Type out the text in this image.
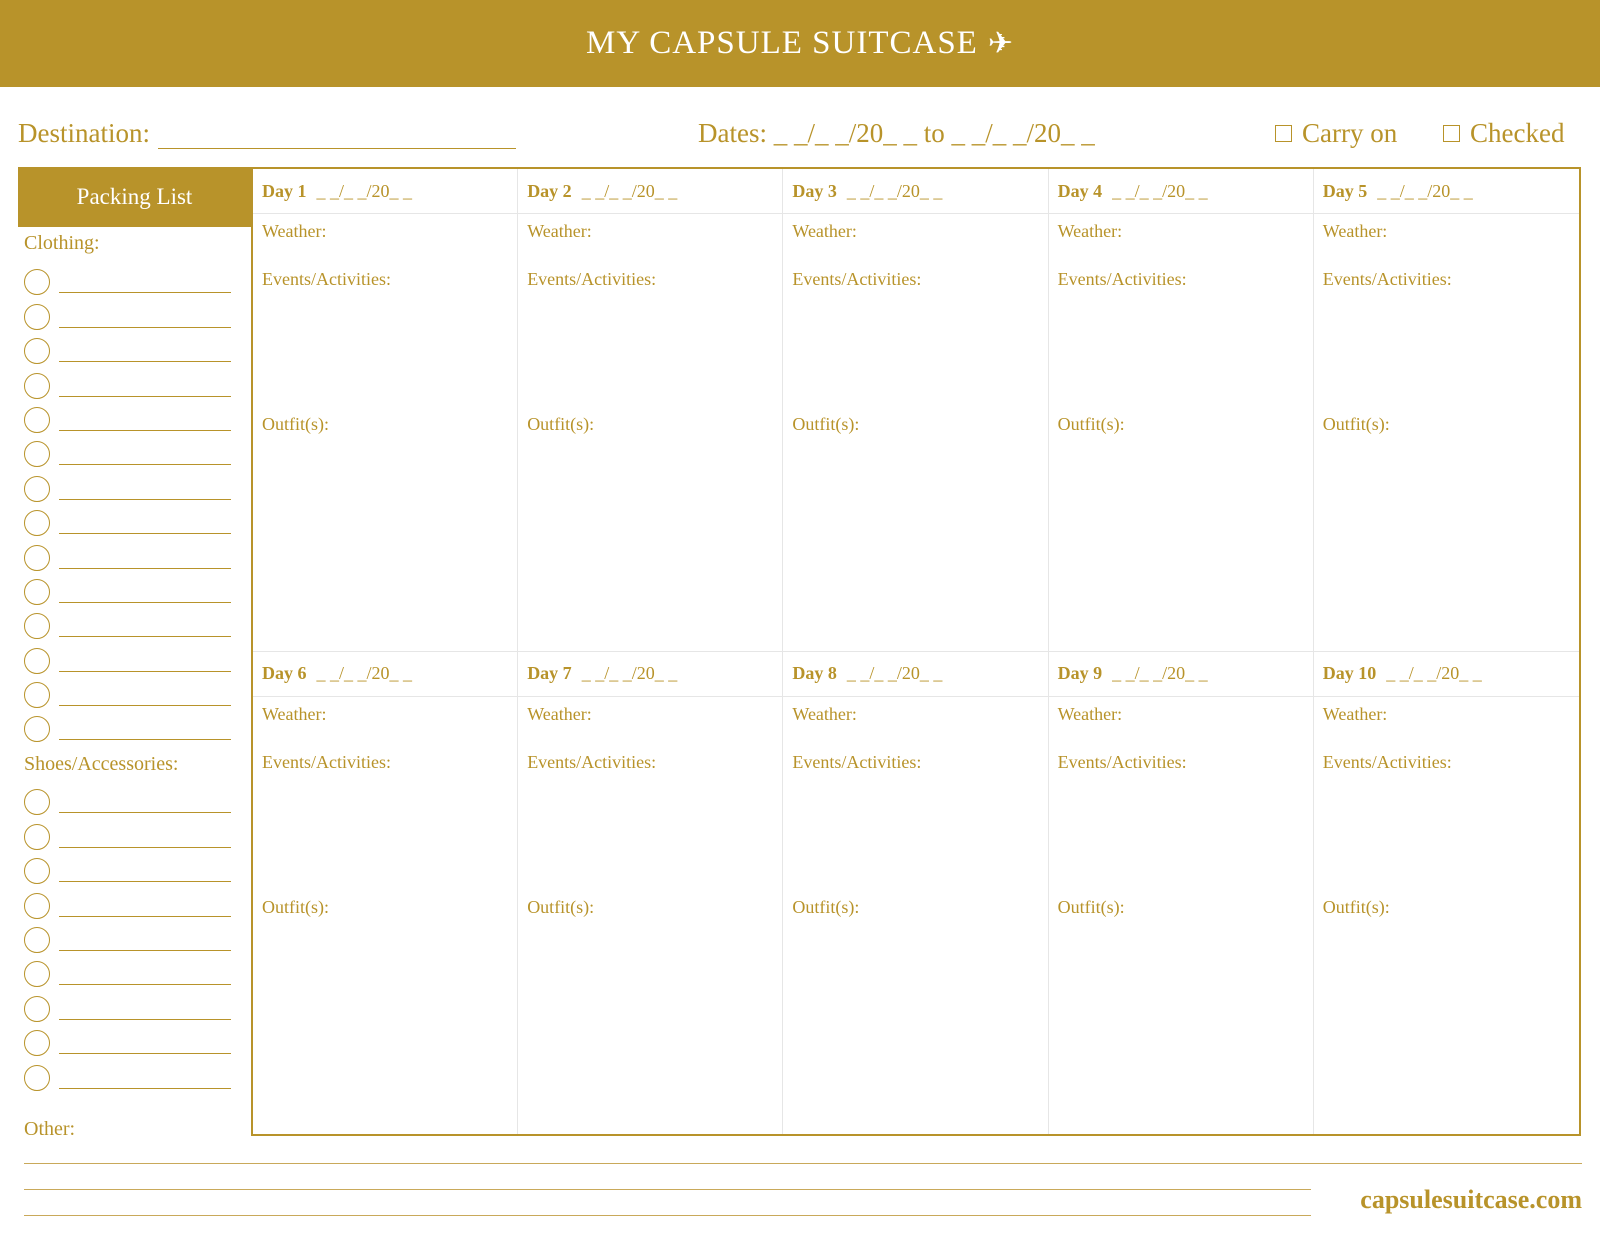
MY CAPSULE SUITCASE ✈
Destination:	Dates: _ _/_ _/20_ _ to _ _/_ _/20_ _	Carry on	Checked
Packing List
Clothing:
Shoes/Accessories:
Day 1 _ _/_ _/20_ _
Weather:
Events/Activities:
Outfit(s):
Day 2 _ _/_ _/20_ _
Weather:
Events/Activities:
Outfit(s):
Day 3 _ _/_ _/20_ _
Weather:
Events/Activities:
Outfit(s):
Day 4 _ _/_ _/20_ _
Weather:
Events/Activities:
Outfit(s):
Day 5 _ _/_ _/20_ _
Weather:
Events/Activities:
Outfit(s):
Day 6 _ _/_ _/20_ _
Weather:
Events/Activities:
Outfit(s):
Day 7 _ _/_ _/20_ _
Weather:
Events/Activities:
Outfit(s):
Day 8 _ _/_ _/20_ _
Weather:
Events/Activities:
Outfit(s):
Day 9 _ _/_ _/20_ _
Weather:
Events/Activities:
Outfit(s):
Day 10 _ _/_ _/20_ _
Weather:
Events/Activities:
Outfit(s):
Other:
capsulesuitcase.com
